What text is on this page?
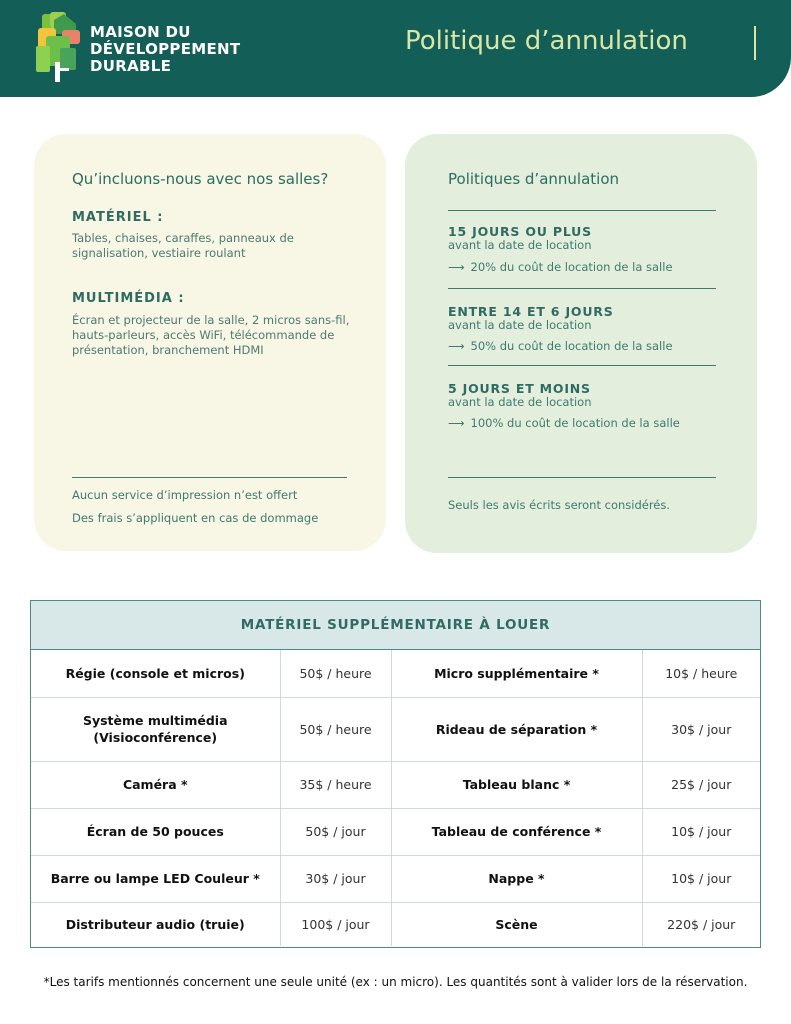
MAISON DU
DÉVELOPPEMENT
DURABLE
Politique d’annulation
Qu’incluons-nous avec nos salles?
MATÉRIEL :
Tables, chaises, caraffes, panneaux de signalisation, vestiaire roulant
MULTIMÉDIA :
Écran et projecteur de la salle, 2 micros sans-fil, hauts-parleurs, accès WiFi, télécommande de présentation, branchement HDMI
Aucun service d’impression n’est offert
Des frais s’appliquent en cas de dommage
Politiques d’annulation
15 JOURS OU PLUS
avant la date de location
⟶ 20% du coût de location de la salle
ENTRE 14 ET 6 JOURS
avant la date de location
⟶ 50% du coût de location de la salle
5 JOURS ET MOINS
avant la date de location
⟶ 100% du coût de location de la salle
Seuls les avis écrits seront considérés.
MATÉRIEL SUPPLÉMENTAIRE À LOUER
Régie (console et micros)	50$ / heure	Micro supplémentaire *	10$ / heure
Système multimédia (Visioconférence)	50$ / heure	Rideau de séparation *	30$ / jour
Caméra *	35$ / heure	Tableau blanc *	25$ / jour
Écran de 50 pouces	50$ / jour	Tableau de conférence *	10$ / jour
Barre ou lampe LED Couleur *	30$ / jour	Nappe *	10$ / jour
Distributeur audio (truie)	100$ / jour	Scène	220$ / jour
*Les tarifs mentionnés concernent une seule unité (ex : un micro). Les quantités sont à valider lors de la réservation.
